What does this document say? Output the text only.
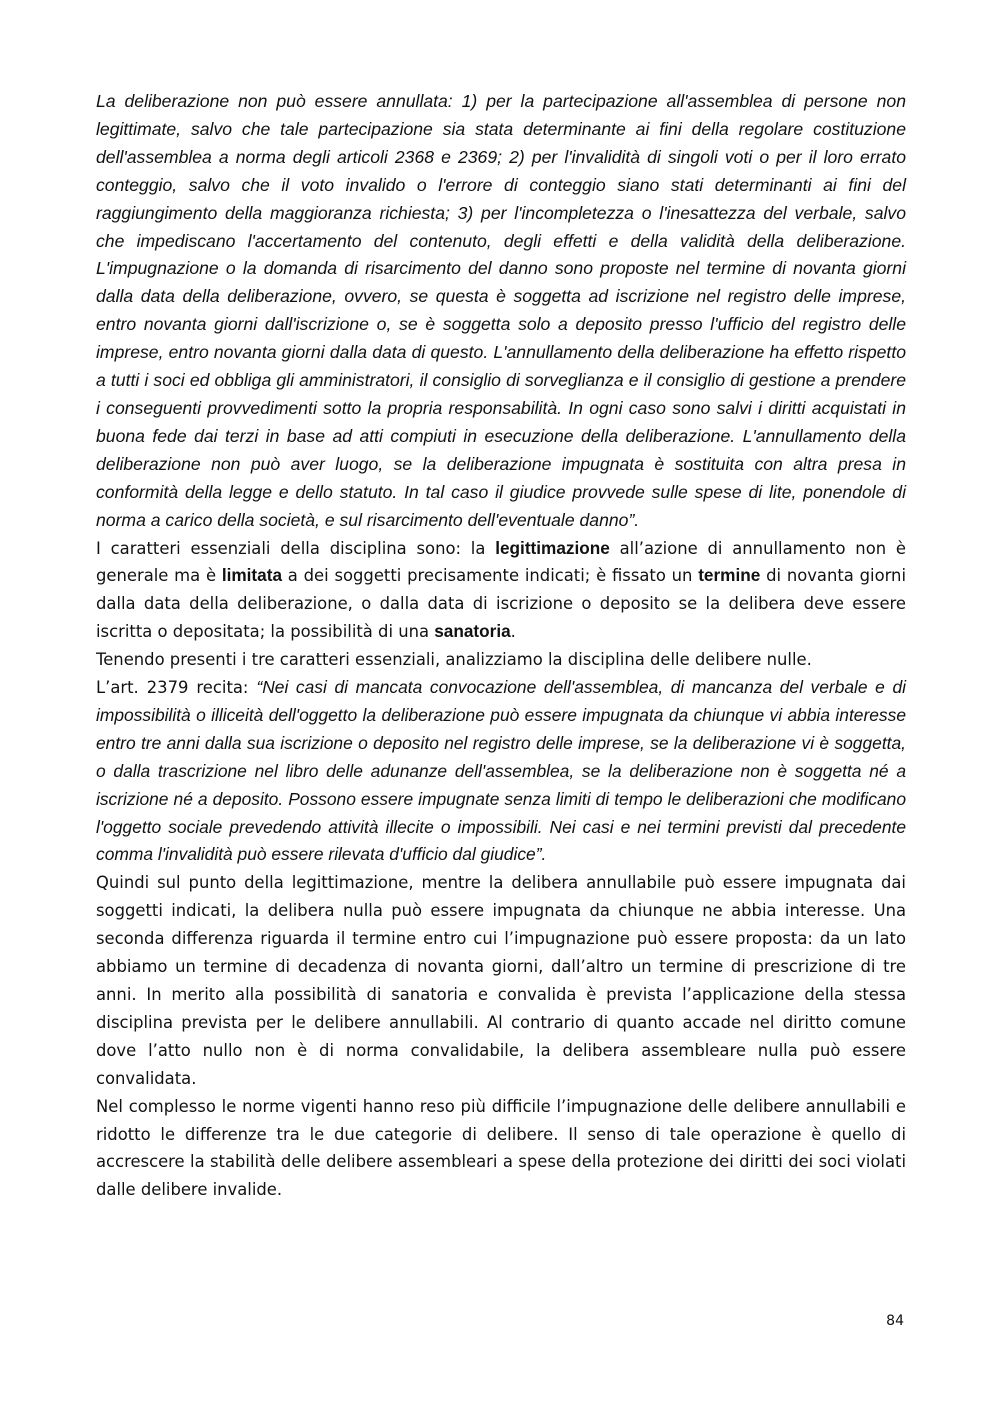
La deliberazione non può essere annullata: 1) per la partecipazione all'assemblea di persone non legittimate, salvo che tale partecipazione sia stata determinante ai fini della regolare costituzione dell'assemblea a norma degli articoli 2368 e 2369; 2) per l'invalidità di singoli voti o per il loro errato conteggio, salvo che il voto invalido o l'errore di conteggio siano stati determinanti ai fini del raggiungimento della maggioranza richiesta; 3) per l'incompletezza o l'inesattezza del verbale, salvo che impediscano l'accertamento del contenuto, degli effetti e della validità della deliberazione. L'impugnazione o la domanda di risarcimento del danno sono proposte nel termine di novanta giorni dalla data della deliberazione, ovvero, se questa è soggetta ad iscrizione nel registro delle imprese, entro novanta giorni dall'iscrizione o, se è soggetta solo a deposito presso l'ufficio del registro delle imprese, entro novanta giorni dalla data di questo. L'annullamento della deliberazione ha effetto rispetto a tutti i soci ed obbliga gli amministratori, il consiglio di sorveglianza e il consiglio di gestione a prendere i conseguenti provvedimenti sotto la propria responsabilità. In ogni caso sono salvi i diritti acquistati in buona fede dai terzi in base ad atti compiuti in esecuzione della deliberazione. L'annullamento della deliberazione non può aver luogo, se la deliberazione impugnata è sostituita con altra presa in conformità della legge e dello statuto. In tal caso il giudice provvede sulle spese di lite, ponendole di norma a carico della società, e sul risarcimento dell'eventuale danno”.

I caratteri essenziali della disciplina sono: la legittimazione all’azione di annullamento non è generale ma è limitata a dei soggetti precisamente indicati; è fissato un termine di novanta giorni dalla data della deliberazione, o dalla data di iscrizione o deposito se la delibera deve essere iscritta o depositata; la possibilità di una sanatoria.

Tenendo presenti i tre caratteri essenziali, analizziamo la disciplina delle delibere nulle.

L’art. 2379 recita: “Nei casi di mancata convocazione dell'assemblea, di mancanza del verbale e di impossibilità o illiceità dell'oggetto la deliberazione può essere impugnata da chiunque vi abbia interesse entro tre anni dalla sua iscrizione o deposito nel registro delle imprese, se la deliberazione vi è soggetta, o dalla trascrizione nel libro delle adunanze dell'assemblea, se la deliberazione non è soggetta né a iscrizione né a deposito. Possono essere impugnate senza limiti di tempo le deliberazioni che modificano l'oggetto sociale prevedendo attività illecite o impossibili. Nei casi e nei termini previsti dal precedente comma l'invalidità può essere rilevata d'ufficio dal giudice”.

Quindi sul punto della legittimazione, mentre la delibera annullabile può essere impugnata dai soggetti indicati, la delibera nulla può essere impugnata da chiunque ne abbia interesse. Una seconda differenza riguarda il termine entro cui l’impugnazione può essere proposta: da un lato abbiamo un termine di decadenza di novanta giorni, dall’altro un termine di prescrizione di tre anni. In merito alla possibilità di sanatoria e convalida è prevista l’applicazione della stessa disciplina prevista per le delibere annullabili. Al contrario di quanto accade nel diritto comune dove l’atto nullo non è di norma convalidabile, la delibera assembleare nulla può essere convalidata.

Nel complesso le norme vigenti hanno reso più difficile l’impugnazione delle delibere annullabili e ridotto le differenze tra le due categorie di delibere. Il senso di tale operazione è quello di accrescere la stabilità delle delibere assembleari a spese della protezione dei diritti dei soci violati dalle delibere invalide.

84
